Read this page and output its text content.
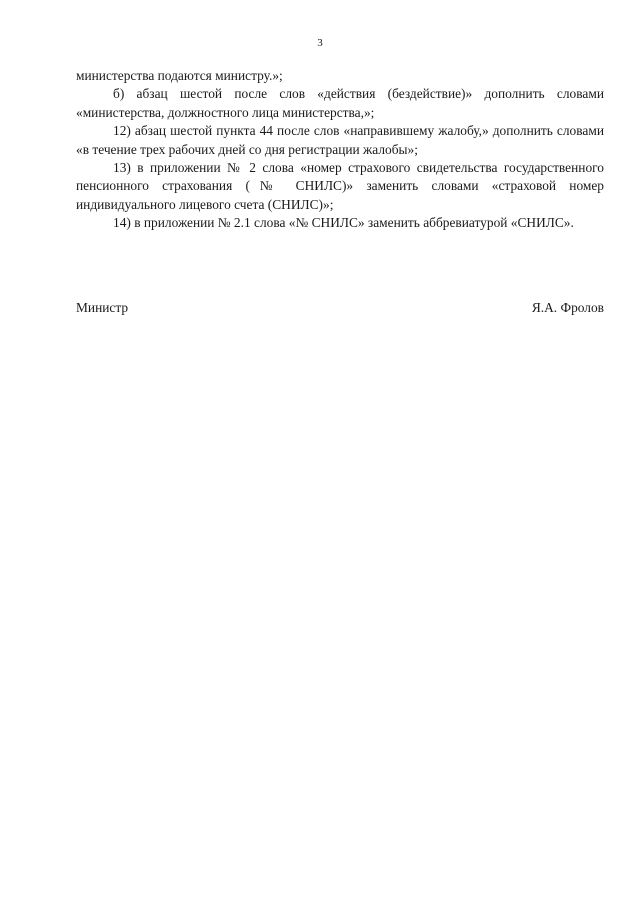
3

министерства подаются министру.»;

б) абзац шестой после слов «действия (бездействие)» дополнить словами «министерства, должностного лица министерства,»;

12) абзац шестой пункта 44 после слов «направившему жалобу,» дополнить словами «в течение трех рабочих дней со дня регистрации жалобы»;

13) в приложении № 2 слова «номер страхового свидетельства государственного пенсионного страхования (№ СНИЛС)» заменить словами «страховой номер индивидуального лицевого счета (СНИЛС)»;

14) в приложении № 2.1 слова «№ СНИЛС» заменить аббревиатурой «СНИЛС».

Министр	Я.А. Фролов
